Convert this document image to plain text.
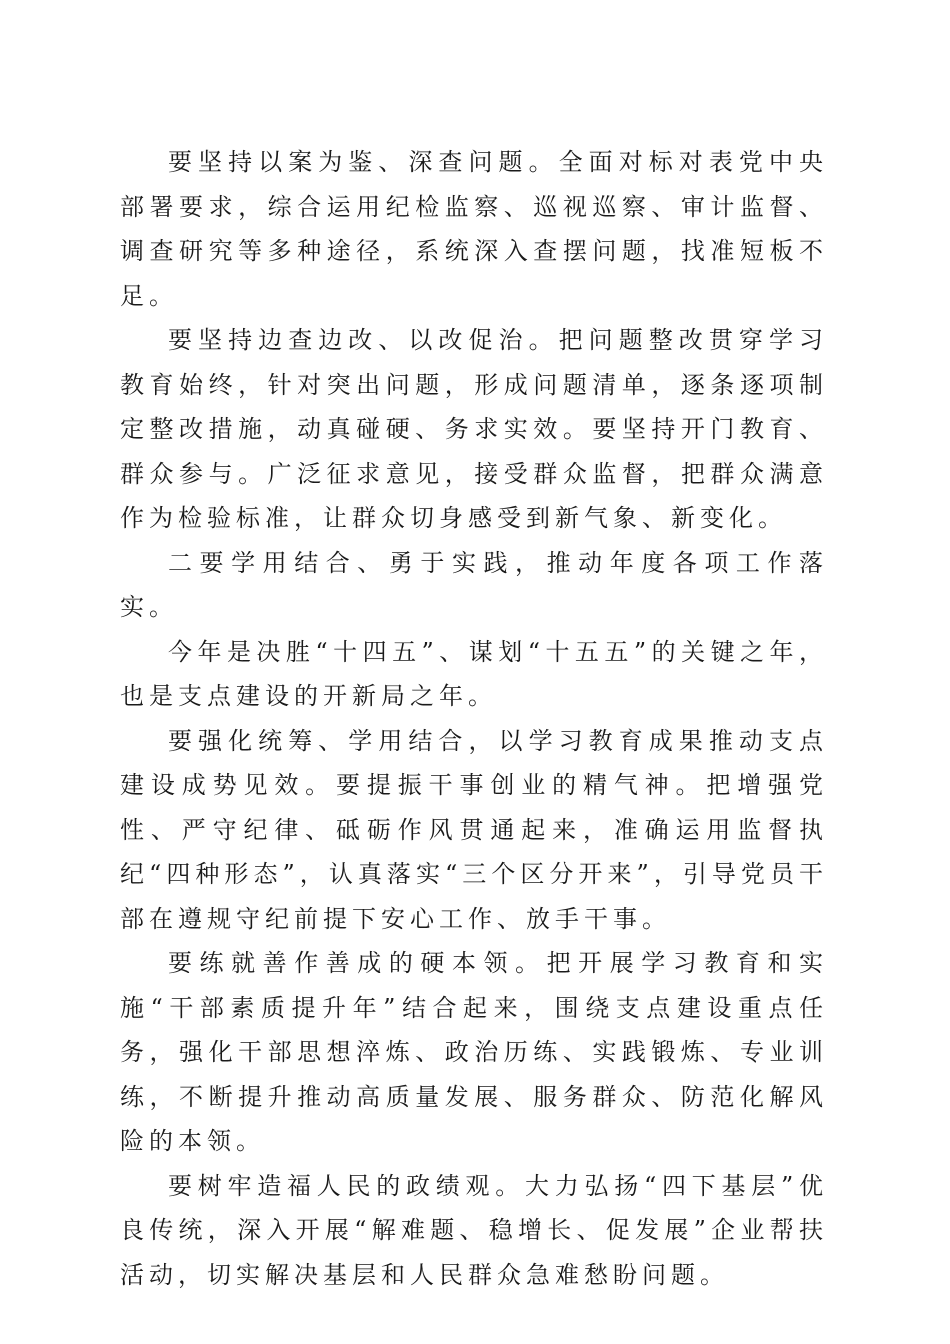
要坚持以案为鉴、深查问题。全面对标对表党中央部署要求，综合运用纪检监察、巡视巡察、审计监督、调查研究等多种途径，系统深入查摆问题，找准短板不足。

要坚持边查边改、以改促治。把问题整改贯穿学习教育始终，针对突出问题，形成问题清单，逐条逐项制定整改措施，动真碰硬、务求实效。要坚持开门教育、群众参与。广泛征求意见，接受群众监督，把群众满意作为检验标准，让群众切身感受到新气象、新变化。

二要学用结合、勇于实践，推动年度各项工作落实。

今年是决胜“十四五”、谋划“十五五”的关键之年，也是支点建设的开新局之年。

要强化统筹、学用结合，以学习教育成果推动支点建设成势见效。要提振干事创业的精气神。把增强党性、严守纪律、砥砺作风贯通起来，准确运用监督执纪“四种形态”，认真落实“三个区分开来”，引导党员干部在遵规守纪前提下安心工作、放手干事。

要练就善作善成的硬本领。把开展学习教育和实施“干部素质提升年”结合起来，围绕支点建设重点任务，强化干部思想淬炼、政治历练、实践锻炼、专业训练，不断提升推动高质量发展、服务群众、防范化解风险的本领。

要树牢造福人民的政绩观。大力弘扬“四下基层”优良传统，深入开展“解难题、稳增长、促发展”企业帮扶活动，切实解决基层和人民群众急难愁盼问题。
